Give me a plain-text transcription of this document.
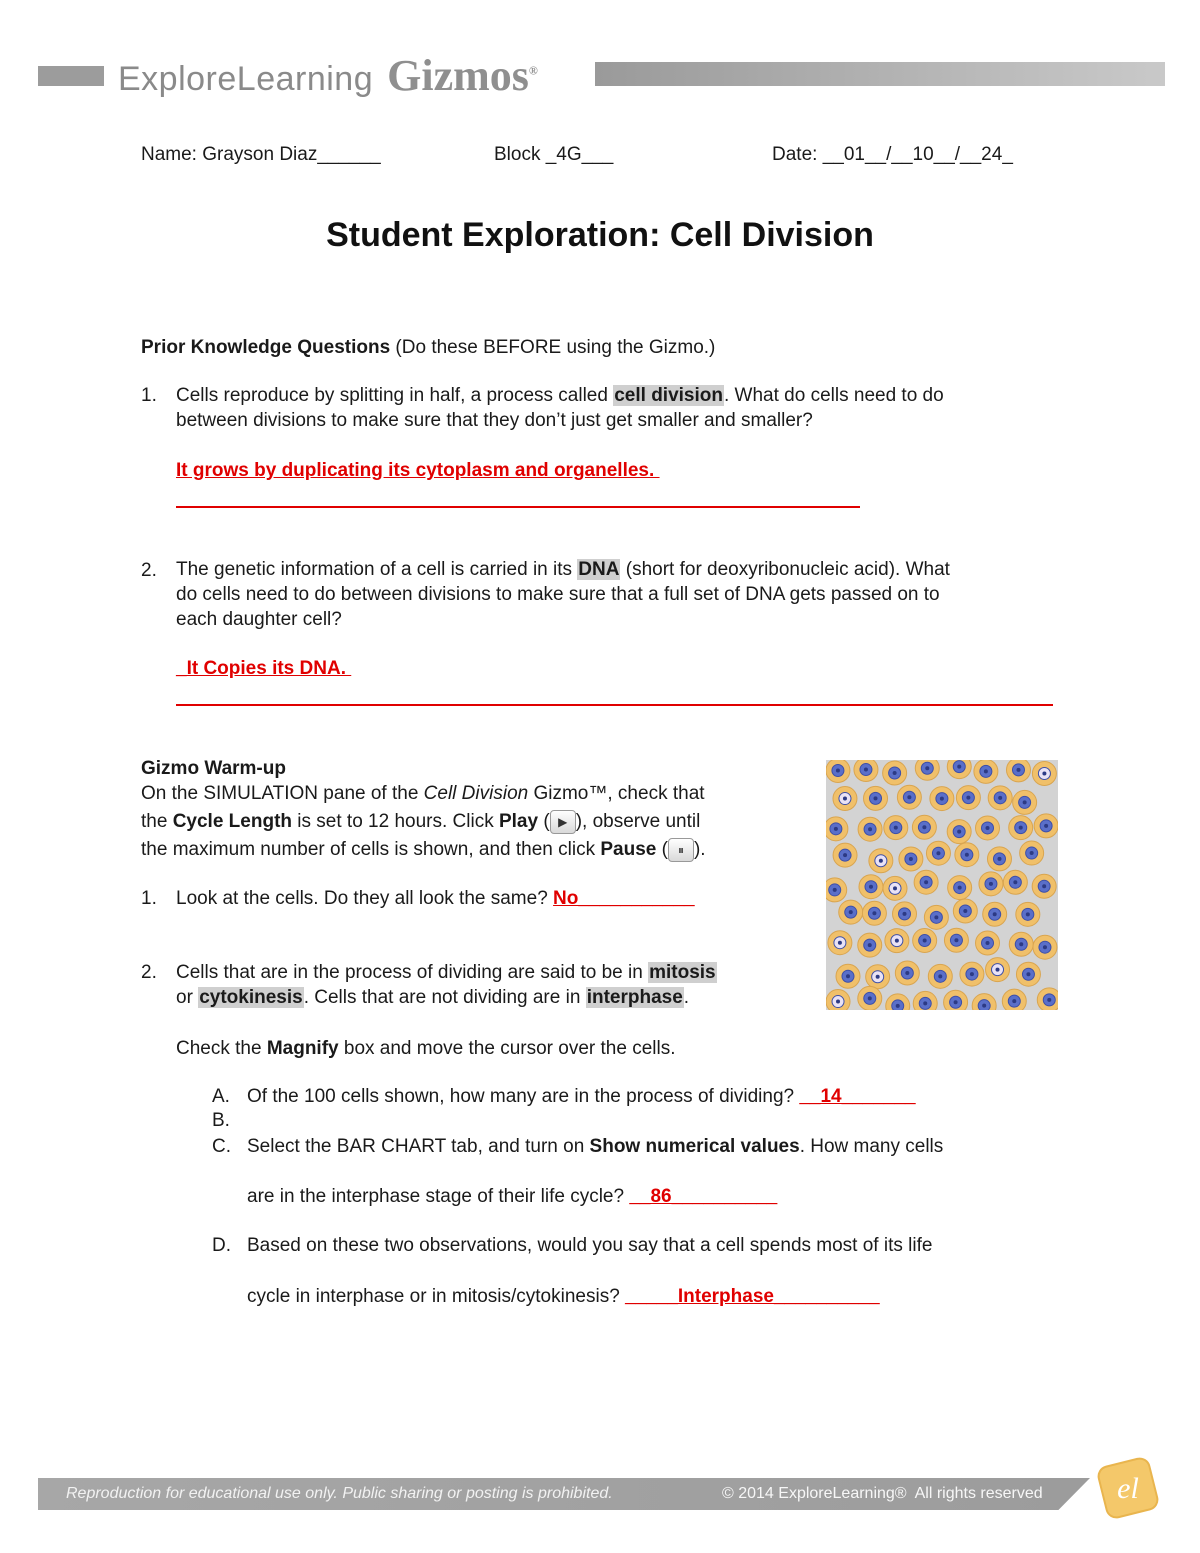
ExploreLearning Gizmos®
Name: Grayson Diaz______	Block _4G___	Date: __01__/__10__/__24_
Student Exploration: Cell Division
Prior Knowledge Questions (Do these BEFORE using the Gizmo.)
1. Cells reproduce by splitting in half, a process called cell division. What do cells need to do
between divisions to make sure that they don’t just get smaller and smaller?
It grows by duplicating its cytoplasm and organelles.
2. The genetic information of a cell is carried in its DNA (short for deoxyribonucleic acid). What
do cells need to do between divisions to make sure that a full set of DNA gets passed on to
each daughter cell?
_It Copies its DNA.
Gizmo Warm-up
On the SIMULATION pane of the Cell Division Gizmo™, check that
the Cycle Length is set to 12 hours. Click Play ( ▶ ), observe until
the maximum number of cells is shown, and then click Pause ( ⏸ ).
1. Look at the cells. Do they all look the same? No___________
2. Cells that are in the process of dividing are said to be in mitosis
or cytokinesis. Cells that are not dividing are in interphase.
Check the Magnify box and move the cursor over the cells.
A. Of the 100 cells shown, how many are in the process of dividing? __14_______
B.
C. Select the BAR CHART tab, and turn on Show numerical values. How many cells
are in the interphase stage of their life cycle? __86__________
D. Based on these two observations, would you say that a cell spends most of its life
cycle in interphase or in mitosis/cytokinesis? _____Interphase__________
Reproduction for educational use only. Public sharing or posting is prohibited.	© 2014 ExploreLearning®  All rights reserved el
